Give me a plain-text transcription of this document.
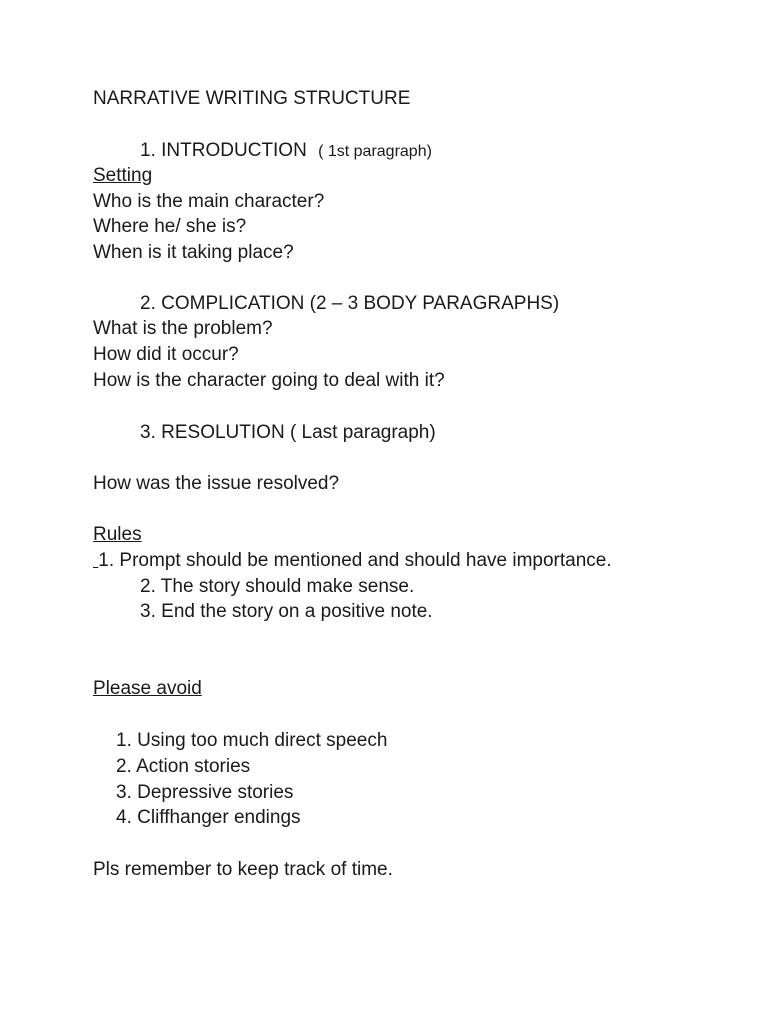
NARRATIVE WRITING STRUCTURE
1. INTRODUCTION ( 1st paragraph)
Setting
Who is the main character?
Where he/ she is?
When is it taking place?
2. COMPLICATION (2 – 3 BODY PARAGRAPHS)
What is the problem?
How did it occur?
How is the character going to deal with it?
3. RESOLUTION ( Last paragraph)
How was the issue resolved?
Rules
1. Prompt should be mentioned and should have importance.
2. The story should make sense.
3. End the story on a positive note.
Please avoid
1. Using too much direct speech
2. Action stories
3. Depressive stories
4. Cliffhanger endings
Pls remember to keep track of time.
